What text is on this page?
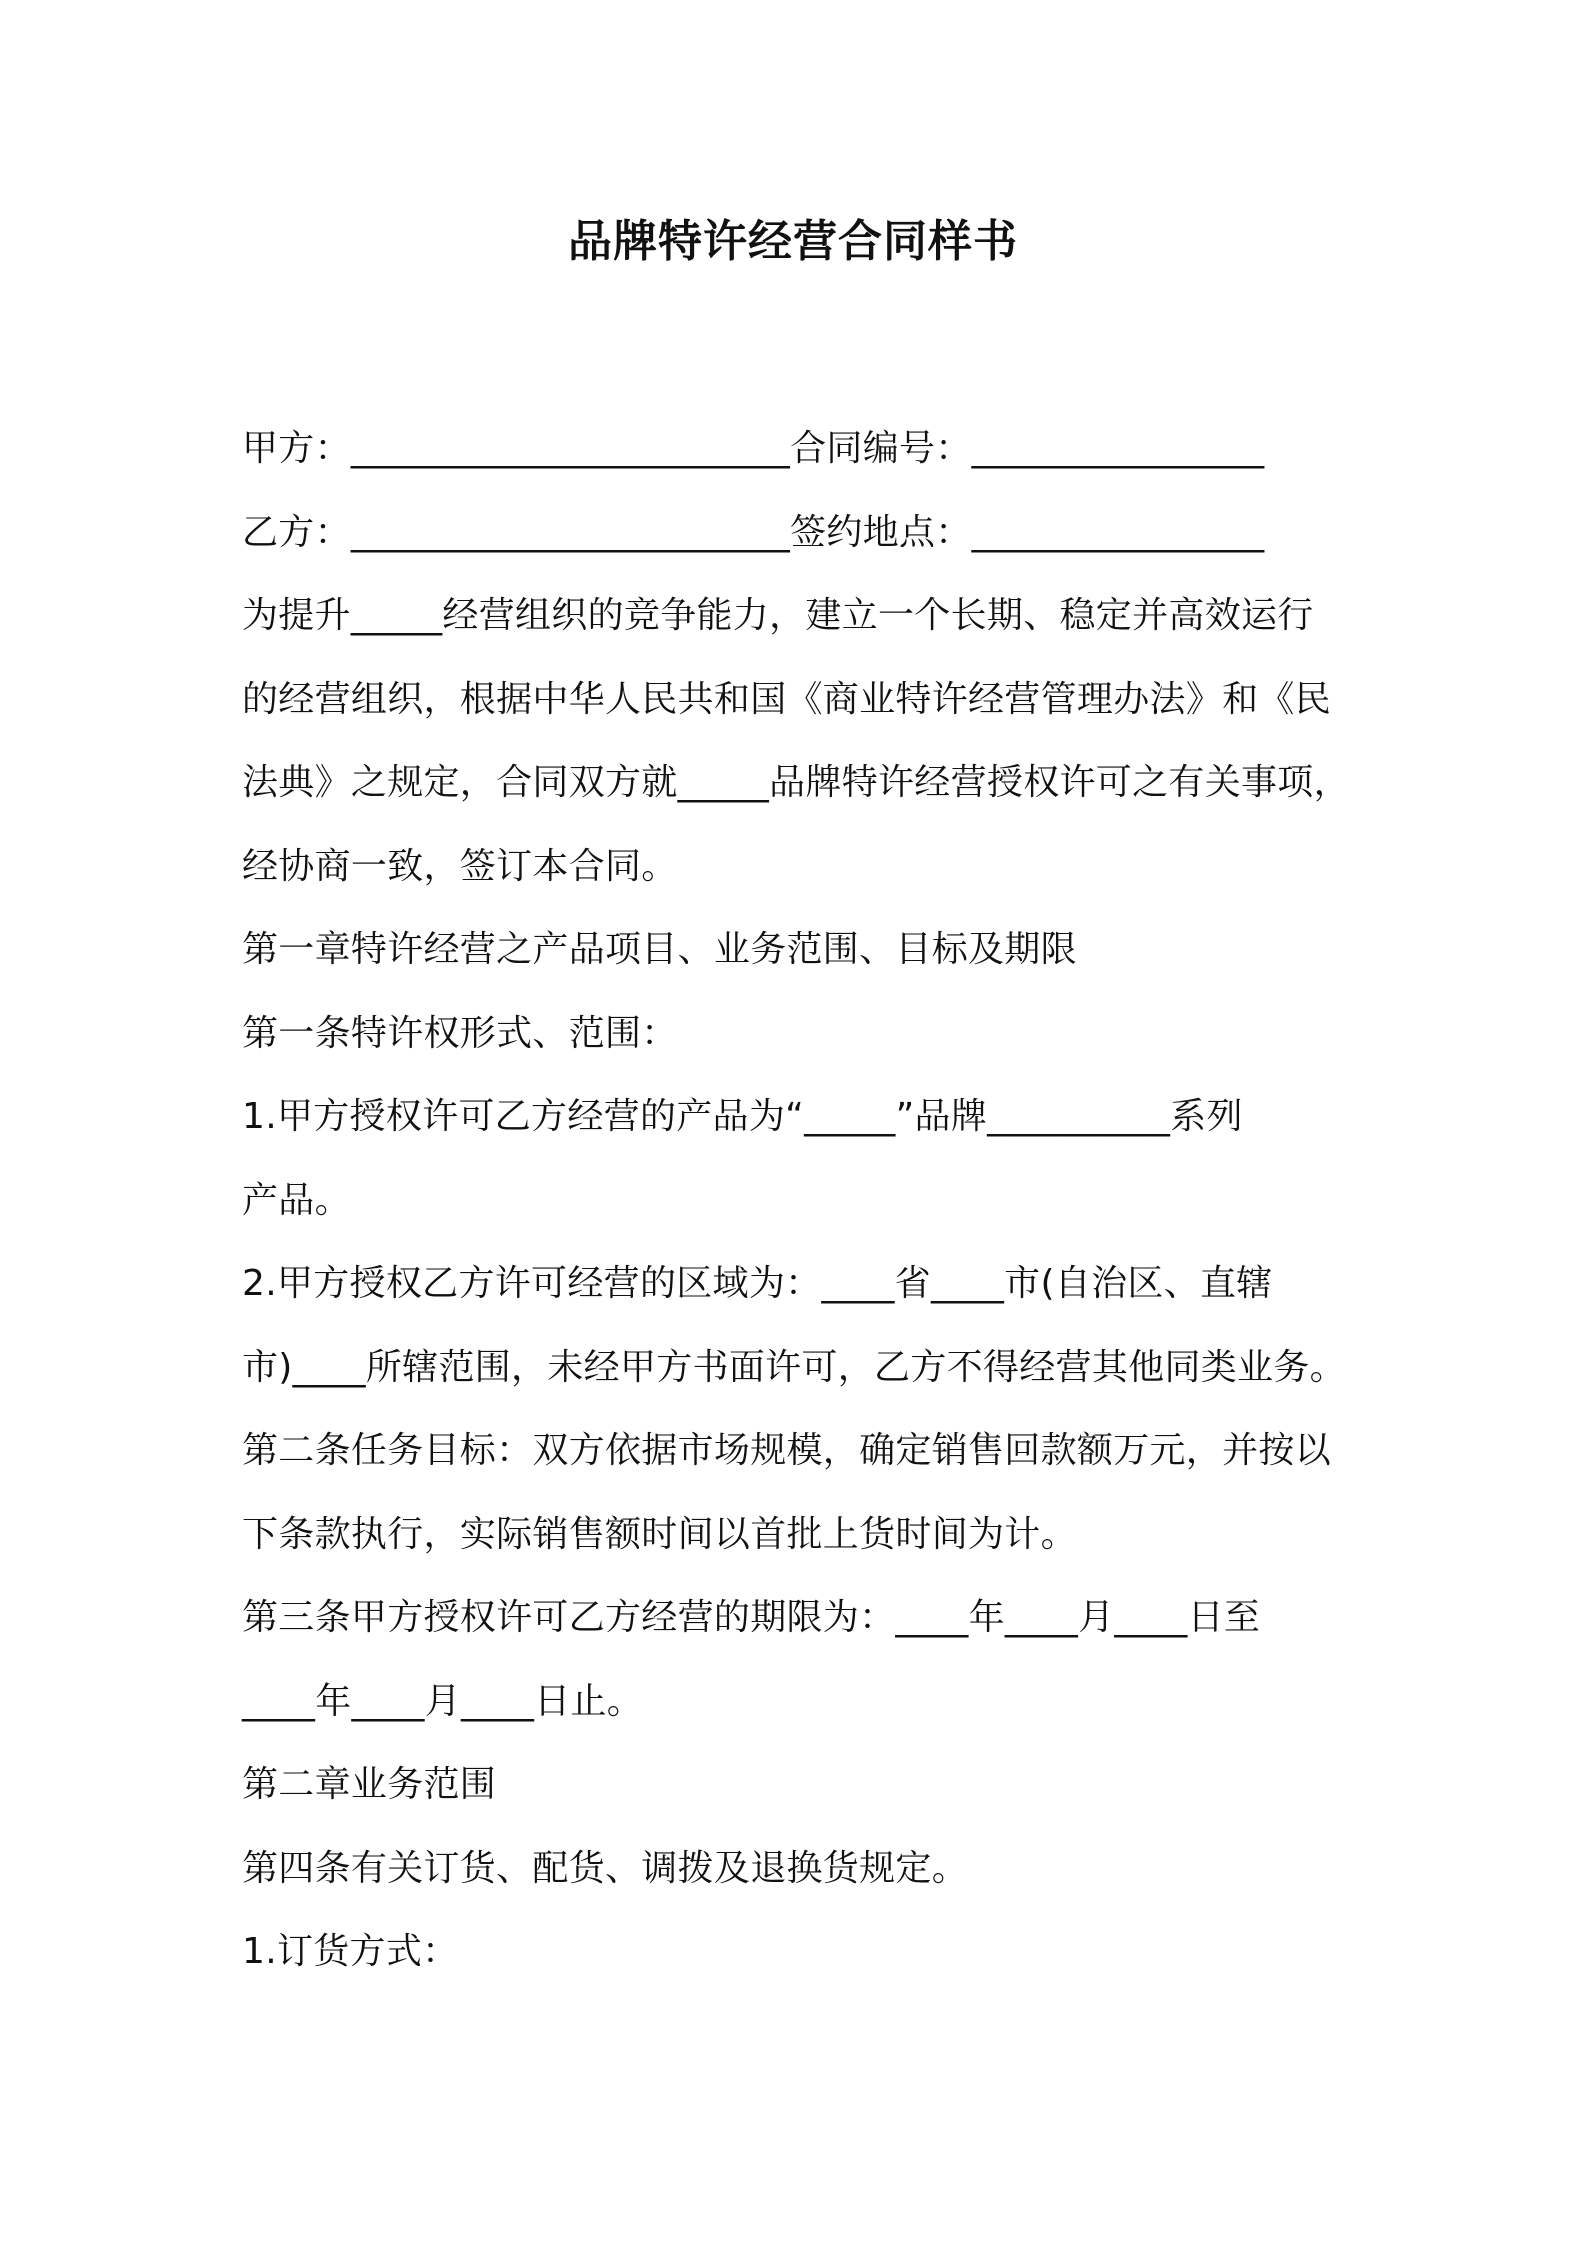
品牌特许经营合同样书
甲方：________________________合同编号：________________
乙方：________________________签约地点：________________
为提升_____经营组织的竞争能力，建立一个长期、稳定并高效运行
的经营组织，根据中华人民共和国《商业特许经营管理办法》和《民
法典》之规定，合同双方就_____品牌特许经营授权许可之有关事项，
经协商一致，签订本合同。
第一章特许经营之产品项目、业务范围、目标及期限
第一条特许权形式、范围：
1.甲方授权许可乙方经营的产品为“_____”品牌__________系列
产品。
2.甲方授权乙方许可经营的区域为：____省____市(自治区、直辖
市)____所辖范围，未经甲方书面许可，乙方不得经营其他同类业务。
第二条任务目标：双方依据市场规模，确定销售回款额万元，并按以
下条款执行，实际销售额时间以首批上货时间为计。
第三条甲方授权许可乙方经营的期限为：____年____月____日至
____年____月____日止。
第二章业务范围
第四条有关订货、配货、调拨及退换货规定。
1.订货方式：
